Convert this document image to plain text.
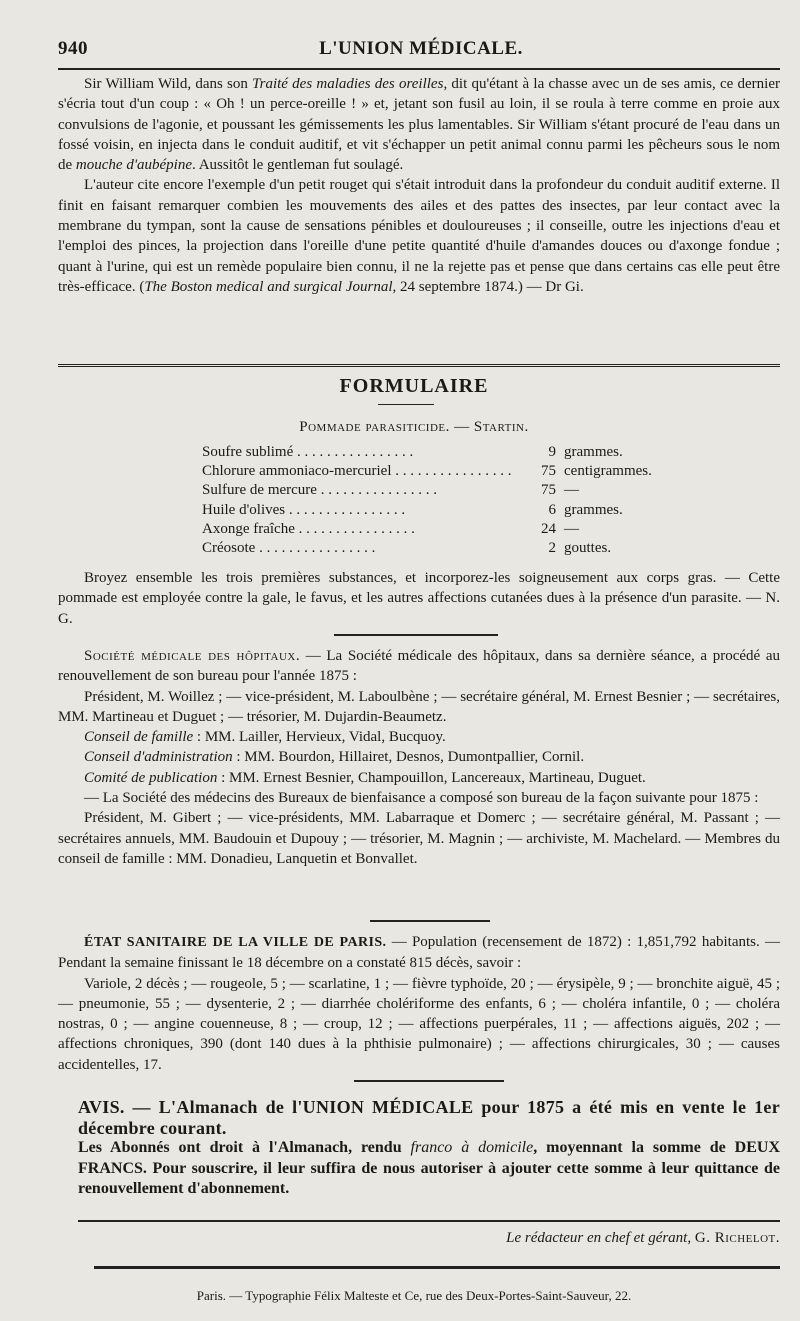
940	L'UNION MÉDICALE.

Sir William Wild, dans son Traité des maladies des oreilles, dit qu'étant à la chasse avec un de ses amis, ce dernier s'écria tout d'un coup : « Oh ! un perce-oreille ! » et, jetant son fusil au loin, il se roula à terre comme en proie aux convulsions de l'agonie, et poussant les gémissements les plus lamentables. Sir William s'étant procuré de l'eau dans un fossé voisin, en injecta dans le conduit auditif, et vit s'échapper un petit animal connu parmi les pêcheurs sous le nom de mouche d'aubépine. Aussitôt le gentleman fut soulagé.

L'auteur cite encore l'exemple d'un petit rouget qui s'était introduit dans la profondeur du conduit auditif externe. Il finit en faisant remarquer combien les mouvements des ailes et des pattes des insectes, par leur contact avec la membrane du tympan, sont la cause de sensations pénibles et douloureuses ; il conseille, outre les injections d'eau et l'emploi des pinces, la projection dans l'oreille d'une petite quantité d'huile d'amandes douces ou d'axonge fondue ; quant à l'urine, qui est un remède populaire bien connu, il ne la rejette pas et pense que dans certains cas elle peut être très-efficace. (The Boston medical and surgical Journal, 24 septembre 1874.) — Dr Gi.

FORMULAIRE
Pommade parasiticide. — Startin.
Soufre sublimé . . . . . . . . . . . . . . . .	9	grammes.

Chlorure ammoniaco-mercuriel . . . . . . . . . . . . . . . .	75	centigrammes.

Sulfure de mercure . . . . . . . . . . . . . . . .	75	—

Huile d'olives . . . . . . . . . . . . . . . .	6	grammes.

Axonge fraîche . . . . . . . . . . . . . . . .	24	—

Créosote . . . . . . . . . . . . . . . .	2	gouttes.

Broyez ensemble les trois premières substances, et incorporez-les soigneusement aux corps gras. — Cette pommade est employée contre la gale, le favus, et les autres affections cutanées dues à la présence d'un parasite. — N. G.

Société médicale des hôpitaux. — La Société médicale des hôpitaux, dans sa dernière séance, a procédé au renouvellement de son bureau pour l'année 1875 :

Président, M. Woillez ; — vice-président, M. Laboulbène ; — secrétaire général, M. Ernest Besnier ; — secrétaires, MM. Martineau et Duguet ; — trésorier, M. Dujardin-Beaumetz.

Conseil de famille : MM. Lailler, Hervieux, Vidal, Bucquoy.

Conseil d'administration : MM. Bourdon, Hillairet, Desnos, Dumontpallier, Cornil.

Comité de publication : MM. Ernest Besnier, Champouillon, Lancereaux, Martineau, Duguet.

— La Société des médecins des Bureaux de bienfaisance a composé son bureau de la façon suivante pour 1875 :

Président, M. Gibert ; — vice-présidents, MM. Labarraque et Domerc ; — secrétaire général, M. Passant ; — secrétaires annuels, MM. Baudouin et Dupouy ; — trésorier, M. Magnin ; — archiviste, M. Machelard. — Membres du conseil de famille : MM. Donadieu, Lanquetin et Bonvallet.

ÉTAT SANITAIRE DE LA VILLE DE PARIS. — Population (recensement de 1872) : 1,851,792 habitants. — Pendant la semaine finissant le 18 décembre on a constaté 815 décès, savoir :

Variole, 2 décès ; — rougeole, 5 ; — scarlatine, 1 ; — fièvre typhoïde, 20 ; — érysipèle, 9 ; — bronchite aiguë, 45 ; — pneumonie, 55 ; — dysenterie, 2 ; — diarrhée cholériforme des enfants, 6 ; — choléra infantile, 0 ; — choléra nostras, 0 ; — angine couenneuse, 8 ; — croup, 12 ; — affections puerpérales, 11 ; — affections aiguës, 202 ; — affections chroniques, 390 (dont 140 dues à la phthisie pulmonaire) ; — affections chirurgicales, 30 ; — causes accidentelles, 17.

AVIS. — L'Almanach de l'UNION MÉDICALE pour 1875 a été mis en vente le 1er décembre courant.

Les Abonnés ont droit à l'Almanach, rendu franco à domicile, moyennant la somme de DEUX FRANCS. Pour souscrire, il leur suffira de nous autoriser à ajouter cette somme à leur quittance de renouvellement d'abonnement.

Le rédacteur en chef et gérant, G. Richelot.
Paris. — Typographie Félix Malteste et Ce, rue des Deux-Portes-Saint-Sauveur, 22.
